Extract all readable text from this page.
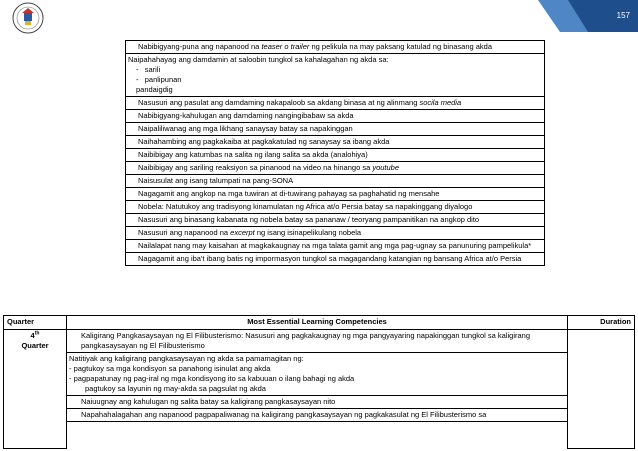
157
Nabibigyang-puna ang napanood na teaser o trailer ng pelikula na may paksang katulad ng binasang akda
Naipahahayag ang damdamin at saloobin tungkol sa kahalagahan ng akda sa:
-   sarili
-   panlipunan
pandaigdig
Nasusuri ang pasulat ang damdaming nakapaloob sa akdang binasa at ng alinmang socila media
Nabibigyang-kahulugan ang damdaming nangingibabaw sa akda
Naipaliliwanag ang mga likhang sanaysay batay sa napakinggan
Naihahambing ang pagkakaiba at pagkakatulad ng sanaysay sa ibang akda
Naibibigay ang katumbas na salita ng ilang salita sa akda (analohiya)
Naibibigay ang sariling reaksiyon sa pinanood na video na hinango sa youtube
Naisusulat ang isang talumpati na pang-SONA
Nagagamit ang angkop na mga tuwiran at di-tuwirang pahayag sa paghahatid ng mensahe
Nobela: Natutukoy ang tradisyong kinamulatan ng Africa at/o Persia batay sa napakinggang diyalogo
Nasusuri ang binasang kabanata ng nobela batay sa pananaw / teoryang pampanitikan na angkop dito
Nasusuri ang napanood na excerpt ng isang isinapelikulang nobela
Nailalapat nang may kaisahan at magkakaugnay na mga talata gamit ang mga pag-ugnay sa panunuring pampelikula*
Nagagamit ang iba't ibang batis ng impormasyon tungkol sa magagandang katangian ng bansang Africa at/o Persia
Quarter	Most Essential Learning Competencies	Duration
4th
Quarter	Kaligirang Pangkasaysayan ng El Filibusterismo: Nasusuri ang pagkakaugnay ng mga pangyayaring napakinggan tungkol sa kaligirang pangkasaysayan ng El Filibusterismo	
	Natitiyak ang kaligirang pangkasaysayan ng akda sa pamamagitan ng:
- pagtukoy sa mga kondisyon sa panahong isinulat ang akda
- pagpapatunay ng pag-iral ng mga kondisyong ito sa kabuuan o ilang bahagi ng akda
pagtukoy sa layunin ng may-akda sa pagsulat ng akda	

	Naiuugnay ang kahulugan ng salita batay sa kaligirang pangkasaysayan nito	
	Napahahalagahan ang napanood pagpapaliwanag na kaligirang pangkasaysayan ng pagkakasulat ng El Filibusterismo sa	
